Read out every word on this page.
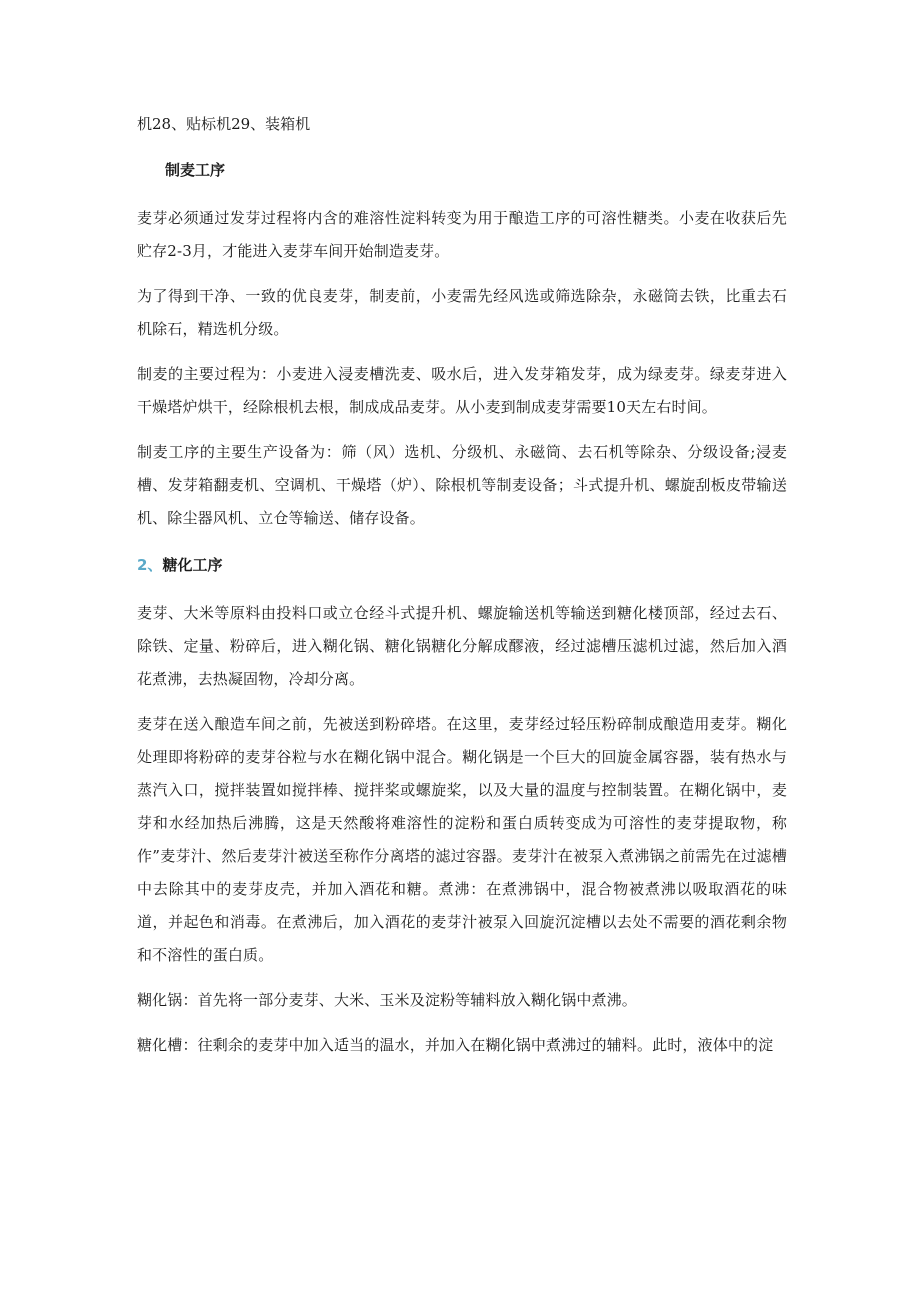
机28、贴标机29、装箱机

制麦工序

麦芽必须通过发芽过程将内含的难溶性淀料转变为用于酿造工序的可溶性糖类。小麦在收获后先贮存2-3月，才能进入麦芽车间开始制造麦芽。

为了得到干净、一致的优良麦芽，制麦前，小麦需先经风选或筛选除杂，永磁筒去铁，比重去石机除石，精选机分级。

制麦的主要过程为：小麦进入浸麦槽洗麦、吸水后，进入发芽箱发芽，成为绿麦芽。绿麦芽进入干燥塔炉烘干，经除根机去根，制成成品麦芽。从小麦到制成麦芽需要10天左右时间。

制麦工序的主要生产设备为：筛（风）选机、分级机、永磁筒、去石机等除杂、分级设备;浸麦槽、发芽箱翻麦机、空调机、干燥塔（炉）、除根机等制麦设备；斗式提升机、螺旋刮板皮带输送机、除尘器风机、立仓等输送、储存设备。

2、糖化工序

麦芽、大米等原料由投料口或立仓经斗式提升机、螺旋输送机等输送到糖化楼顶部，经过去石、除铁、定量、粉碎后，进入糊化锅、糖化锅糖化分解成醪液，经过滤槽压滤机过滤，然后加入酒花煮沸，去热凝固物，冷却分离。

麦芽在送入酿造车间之前，先被送到粉碎塔。在这里，麦芽经过轻压粉碎制成酿造用麦芽。糊化处理即将粉碎的麦芽谷粒与水在糊化锅中混合。糊化锅是一个巨大的回旋金属容器，装有热水与蒸汽入口，搅拌装置如搅拌棒、搅拌桨或螺旋桨，以及大量的温度与控制装置。在糊化锅中，麦芽和水经加热后沸腾，这是天然酸将难溶性的淀粉和蛋白质转变成为可溶性的麦芽提取物，称作”麦芽汁、然后麦芽汁被送至称作分离塔的滤过容器。麦芽汁在被泵入煮沸锅之前需先在过滤槽中去除其中的麦芽皮壳，并加入酒花和糖。煮沸：在煮沸锅中，混合物被煮沸以吸取酒花的味道，并起色和消毒。在煮沸后，加入酒花的麦芽汁被泵入回旋沉淀槽以去处不需要的酒花剩余物和不溶性的蛋白质。

糊化锅：首先将一部分麦芽、大米、玉米及淀粉等辅料放入糊化锅中煮沸。

糖化槽：往剩余的麦芽中加入适当的温水，并加入在糊化锅中煮沸过的辅料。此时，液体中的淀
